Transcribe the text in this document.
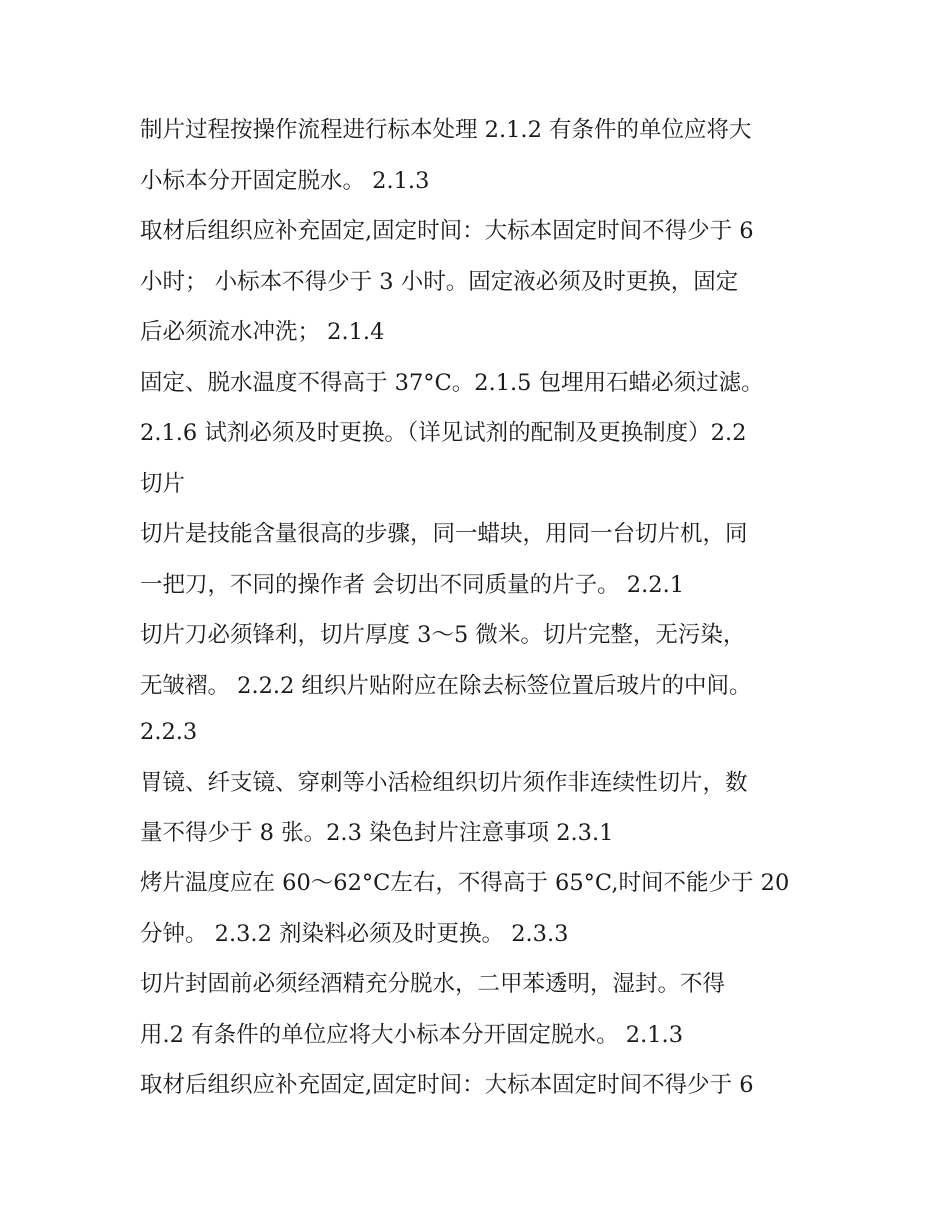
制片过程按操作流程进行标本处理 2.1.2 有条件的单位应将大
小标本分开固定脱水。 2.1.3
取材后组织应补充固定,固定时间：大标本固定时间不得少于 6
小时； 小标本不得少于 3 小时。固定液必须及时更换，固定
后必须流水冲洗； 2.1.4
固定、脱水温度不得高于 37°C。2.1.5 包埋用石蜡必须过滤。
2.1.6 试剂必须及时更换。（详见试剂的配制及更换制度）2.2
切片
切片是技能含量很高的步骤，同一蜡块，用同一台切片机，同
一把刀，不同的操作者 会切出不同质量的片子。 2.2.1
切片刀必须锋利，切片厚度 3～5 微米。切片完整，无污染，
无皱褶。 2.2.2 组织片贴附应在除去标签位置后玻片的中间。
2.2.3
胃镜、纤支镜、穿刺等小活检组织切片须作非连续性切片，数
量不得少于 8 张。2.3 染色封片注意事项 2.3.1
烤片温度应在 60～62°C左右，不得高于 65°C,时间不能少于 20
分钟。 2.3.2 剂染料必须及时更换。 2.3.3
切片封固前必须经酒精充分脱水，二甲苯透明，湿封。不得
用.2 有条件的单位应将大小标本分开固定脱水。 2.1.3
取材后组织应补充固定,固定时间：大标本固定时间不得少于 6
